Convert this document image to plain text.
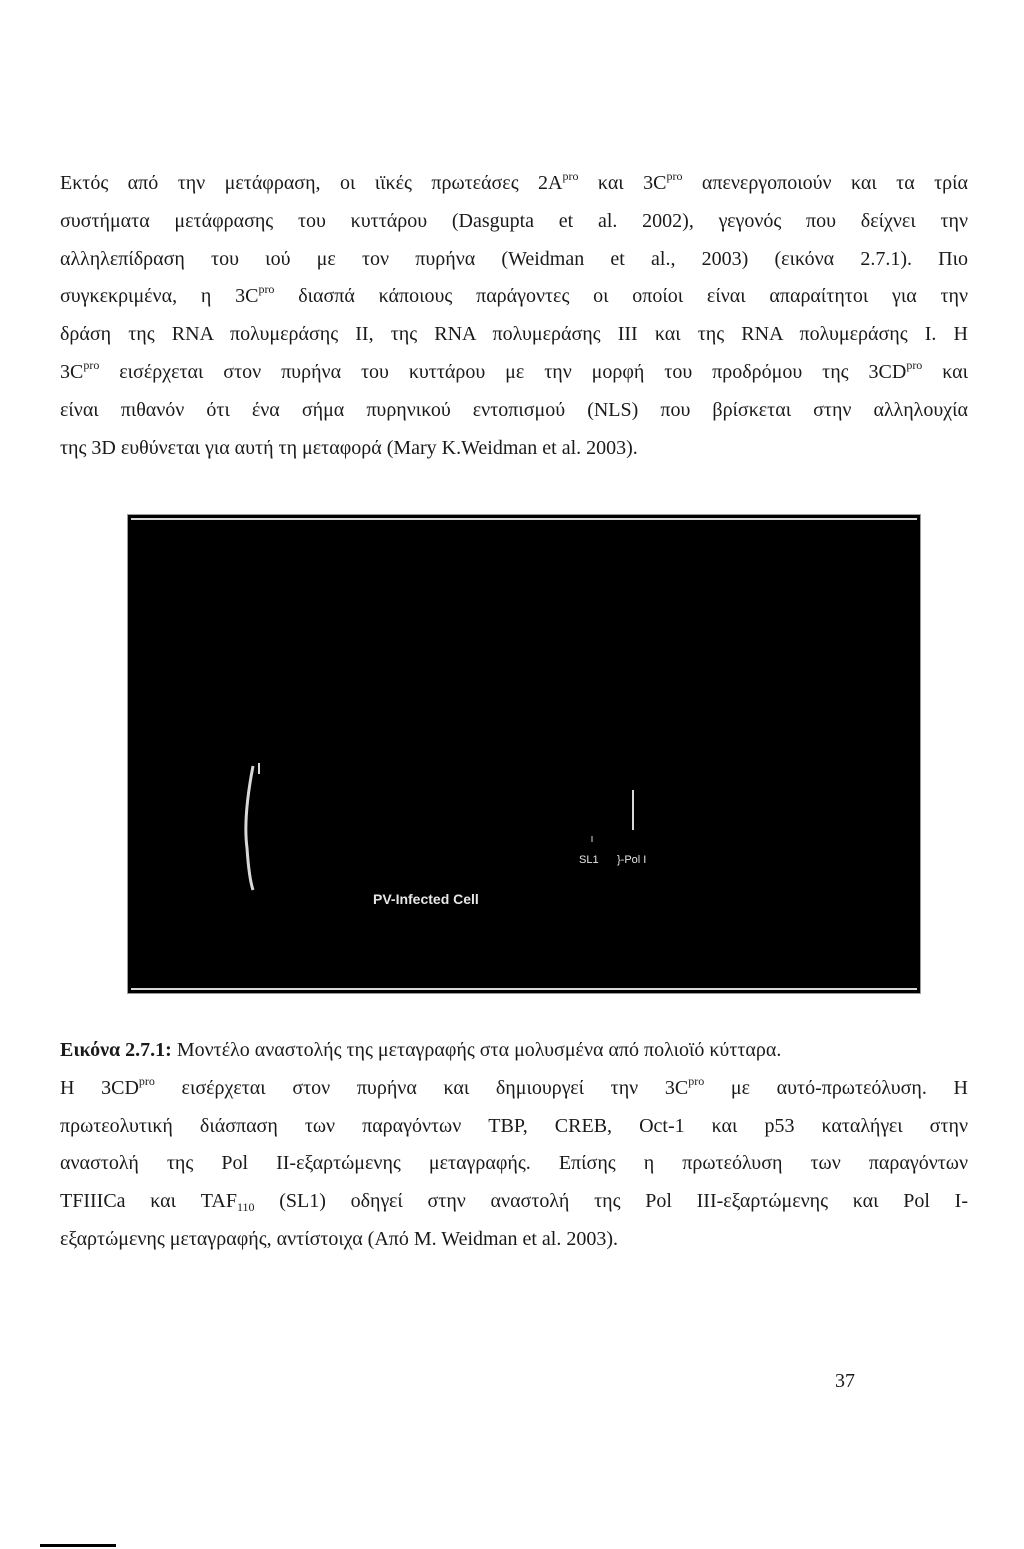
Εκτός από την μετάφραση, οι ιϊκές πρωτεάσες $2A^{pro}$ και $3C^{pro}$ απενεργοποιούν και τα τρία
συστήματα μετάφρασης του κυττάρου (Dasgupta et al. 2002), γεγονός που δείχνει την
αλληλεπίδραση του ιού με τον πυρήνα (Weidman et al., 2003) (εικόνα 2.7.1). Πιο
συγκεκριμένα, η $3C^{pro}$ διασπά κάποιους παράγοντες οι οποίοι είναι απαραίτητοι για την
δράση της RNA πολυμεράσης II, της RNA πολυμεράσης III και της RNA πολυμεράσης I. Η
$3C^{pro}$ εισέρχεται στον πυρήνα του κυττάρου με την μορφή του προδρόμου της $3CD^{pro}$ και
είναι πιθανόν ότι ένα σήμα πυρηνικού εντοπισμού (NLS) που βρίσκεται στην αλληλουχία
της 3D ευθύνεται για αυτή τη μεταφορά (Mary K.Weidman et al. 2003).
PV-Infected Cell
SL1 }-Pol I
Εικόνα 2.7.1: Μοντέλο αναστολής της μεταγραφής στα μολυσμένα από πολιοϊό κύτταρα.
Η $3CD^{pro}$ εισέρχεται στον πυρήνα και δημιουργεί την $3C^{pro}$ με αυτό-πρωτεόλυση. Η
πρωτεολυτική διάσπαση των παραγόντων TBP, CREB, Oct-1 και p53 καταλήγει στην
αναστολή της Pol II-εξαρτώμενης μεταγραφής. Επίσης η πρωτεόλυση των παραγόντων
TFIIICa και $TAF_{110}$ (SL1) οδηγεί στην αναστολή της Pol III-εξαρτώμενης και Pol I-
εξαρτώμενης μεταγραφής, αντίστοιχα (Από M. Weidman et al. 2003).
37
